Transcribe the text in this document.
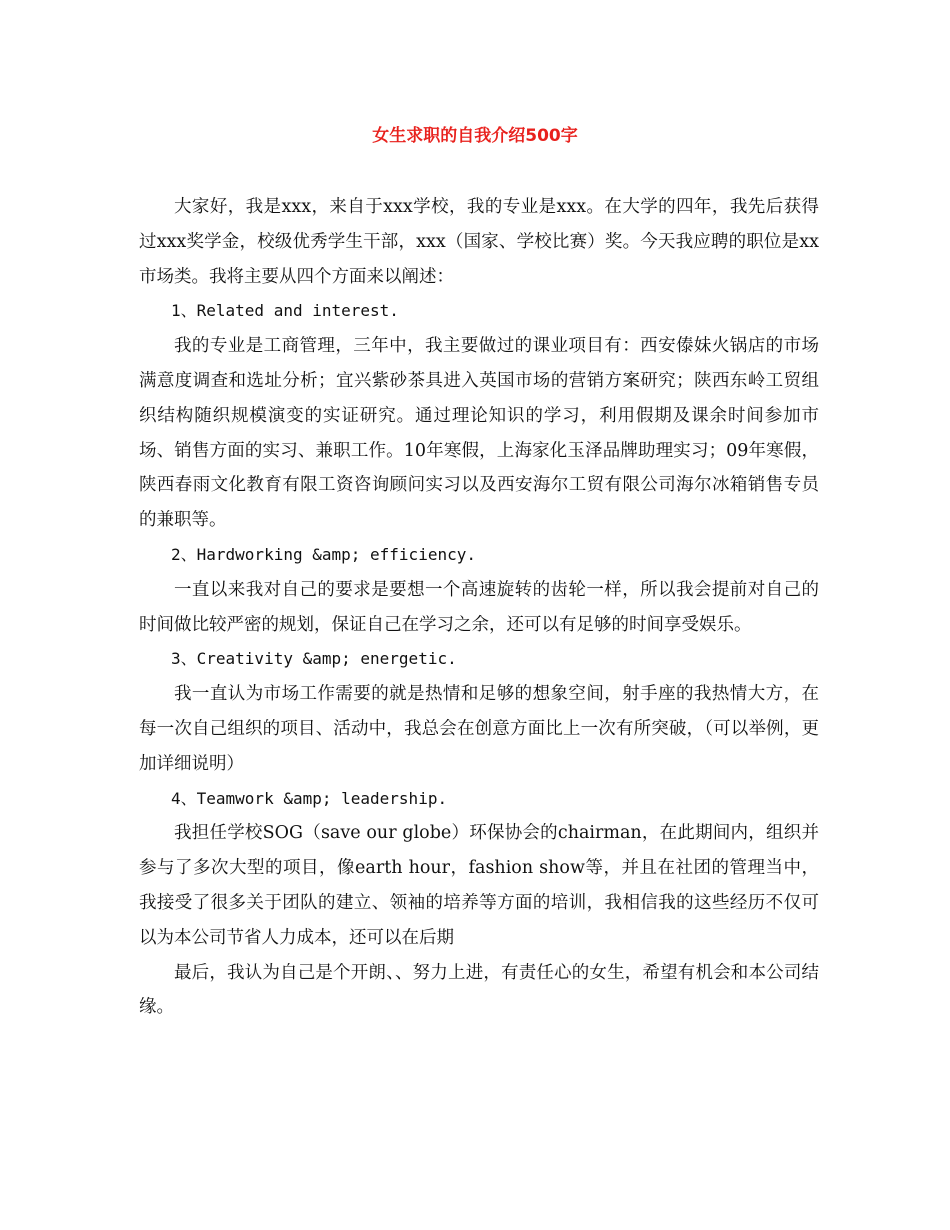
女生求职的自我介绍500字

大家好，我是xxx，来自于xxx学校，我的专业是xxx。在大学的四年，我先后获得过xxx奖学金，校级优秀学生干部，xxx（国家、学校比赛）奖。今天我应聘的职位是xx市场类。我将主要从四个方面来以阐述：

1、Related and interest.

我的专业是工商管理，三年中，我主要做过的课业项目有：西安傣妹火锅店的市场满意度调查和选址分析；宜兴紫砂茶具进入英国市场的营销方案研究；陕西东岭工贸组织结构随织规模演变的实证研究。通过理论知识的学习，利用假期及课余时间参加市场、销售方面的实习、兼职工作。10年寒假，上海家化玉泽品牌助理实习；09年寒假，陕西春雨文化教育有限工资咨询顾问实习以及西安海尔工贸有限公司海尔冰箱销售专员的兼职等。

2、Hardworking &amp; efficiency.

一直以来我对自己的要求是要想一个高速旋转的齿轮一样，所以我会提前对自己的时间做比较严密的规划，保证自己在学习之余，还可以有足够的时间享受娱乐。

3、Creativity &amp; energetic.

我一直认为市场工作需要的就是热情和足够的想象空间，射手座的我热情大方，在每一次自己组织的项目、活动中，我总会在创意方面比上一次有所突破，（可以举例，更加详细说明）

4、Teamwork &amp; leadership.

我担任学校SOG（save our globe）环保协会的chairman，在此期间内，组织并参与了多次大型的项目，像earth hour，fashion show等，并且在社团的管理当中，我接受了很多关于团队的建立、领袖的培养等方面的培训，我相信我的这些经历不仅可以为本公司节省人力成本，还可以在后期

最后，我认为自己是个开朗、、努力上进，有责任心的女生，希望有机会和本公司结缘。
